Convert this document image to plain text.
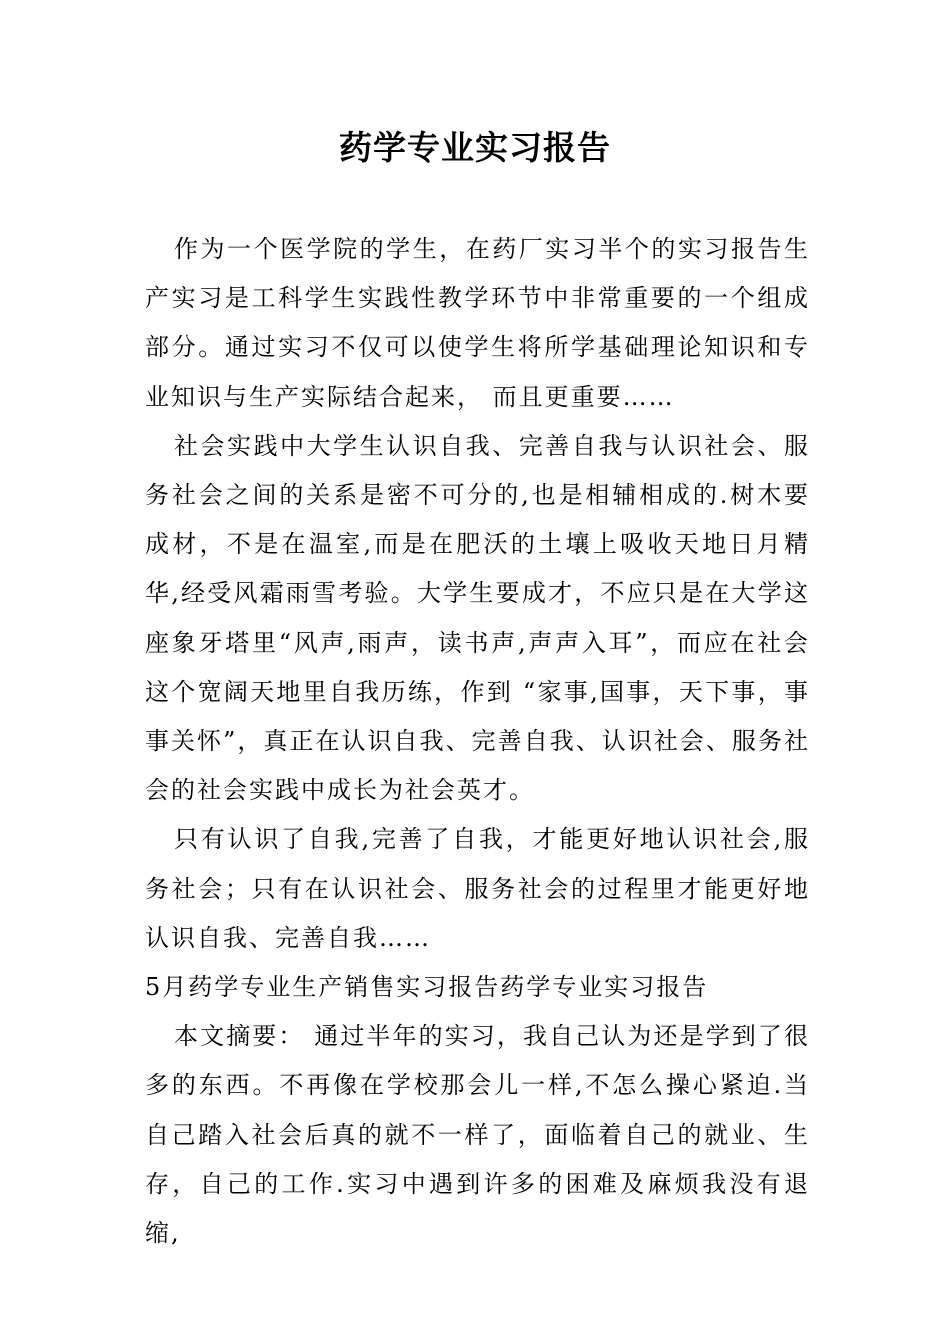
药学专业实习报告

作为一个医学院的学生，在药厂实习半个的实习报告生产实习是工科学生实践性教学环节中非常重要的一个组成部分。通过实习不仅可以使学生将所学基础理论知识和专业知识与生产实际结合起来， 而且更重要……

社会实践中大学生认识自我、完善自我与认识社会、服务社会之间的关系是密不可分的,也是相辅相成的.树木要成材，不是在温室,而是在肥沃的土壤上吸收天地日月精华,经受风霜雨雪考验。大学生要成才，不应只是在大学这座象牙塔里“风声,雨声，读书声,声声入耳”，而应在社会这个宽阔天地里自我历练，作到 “家事,国事，天下事，事事关怀”，真正在认识自我、完善自我、认识社会、服务社会的社会实践中成长为社会英才。

只有认识了自我,完善了自我，才能更好地认识社会,服务社会；只有在认识社会、服务社会的过程里才能更好地认识自我、完善自我……

5月药学专业生产销售实习报告药学专业实习报告

本文摘要： 通过半年的实习，我自己认为还是学到了很多的东西。不再像在学校那会儿一样,不怎么操心紧迫.当自己踏入社会后真的就不一样了，面临着自己的就业、生存，自己的工作.实习中遇到许多的困难及麻烦我没有退缩,
